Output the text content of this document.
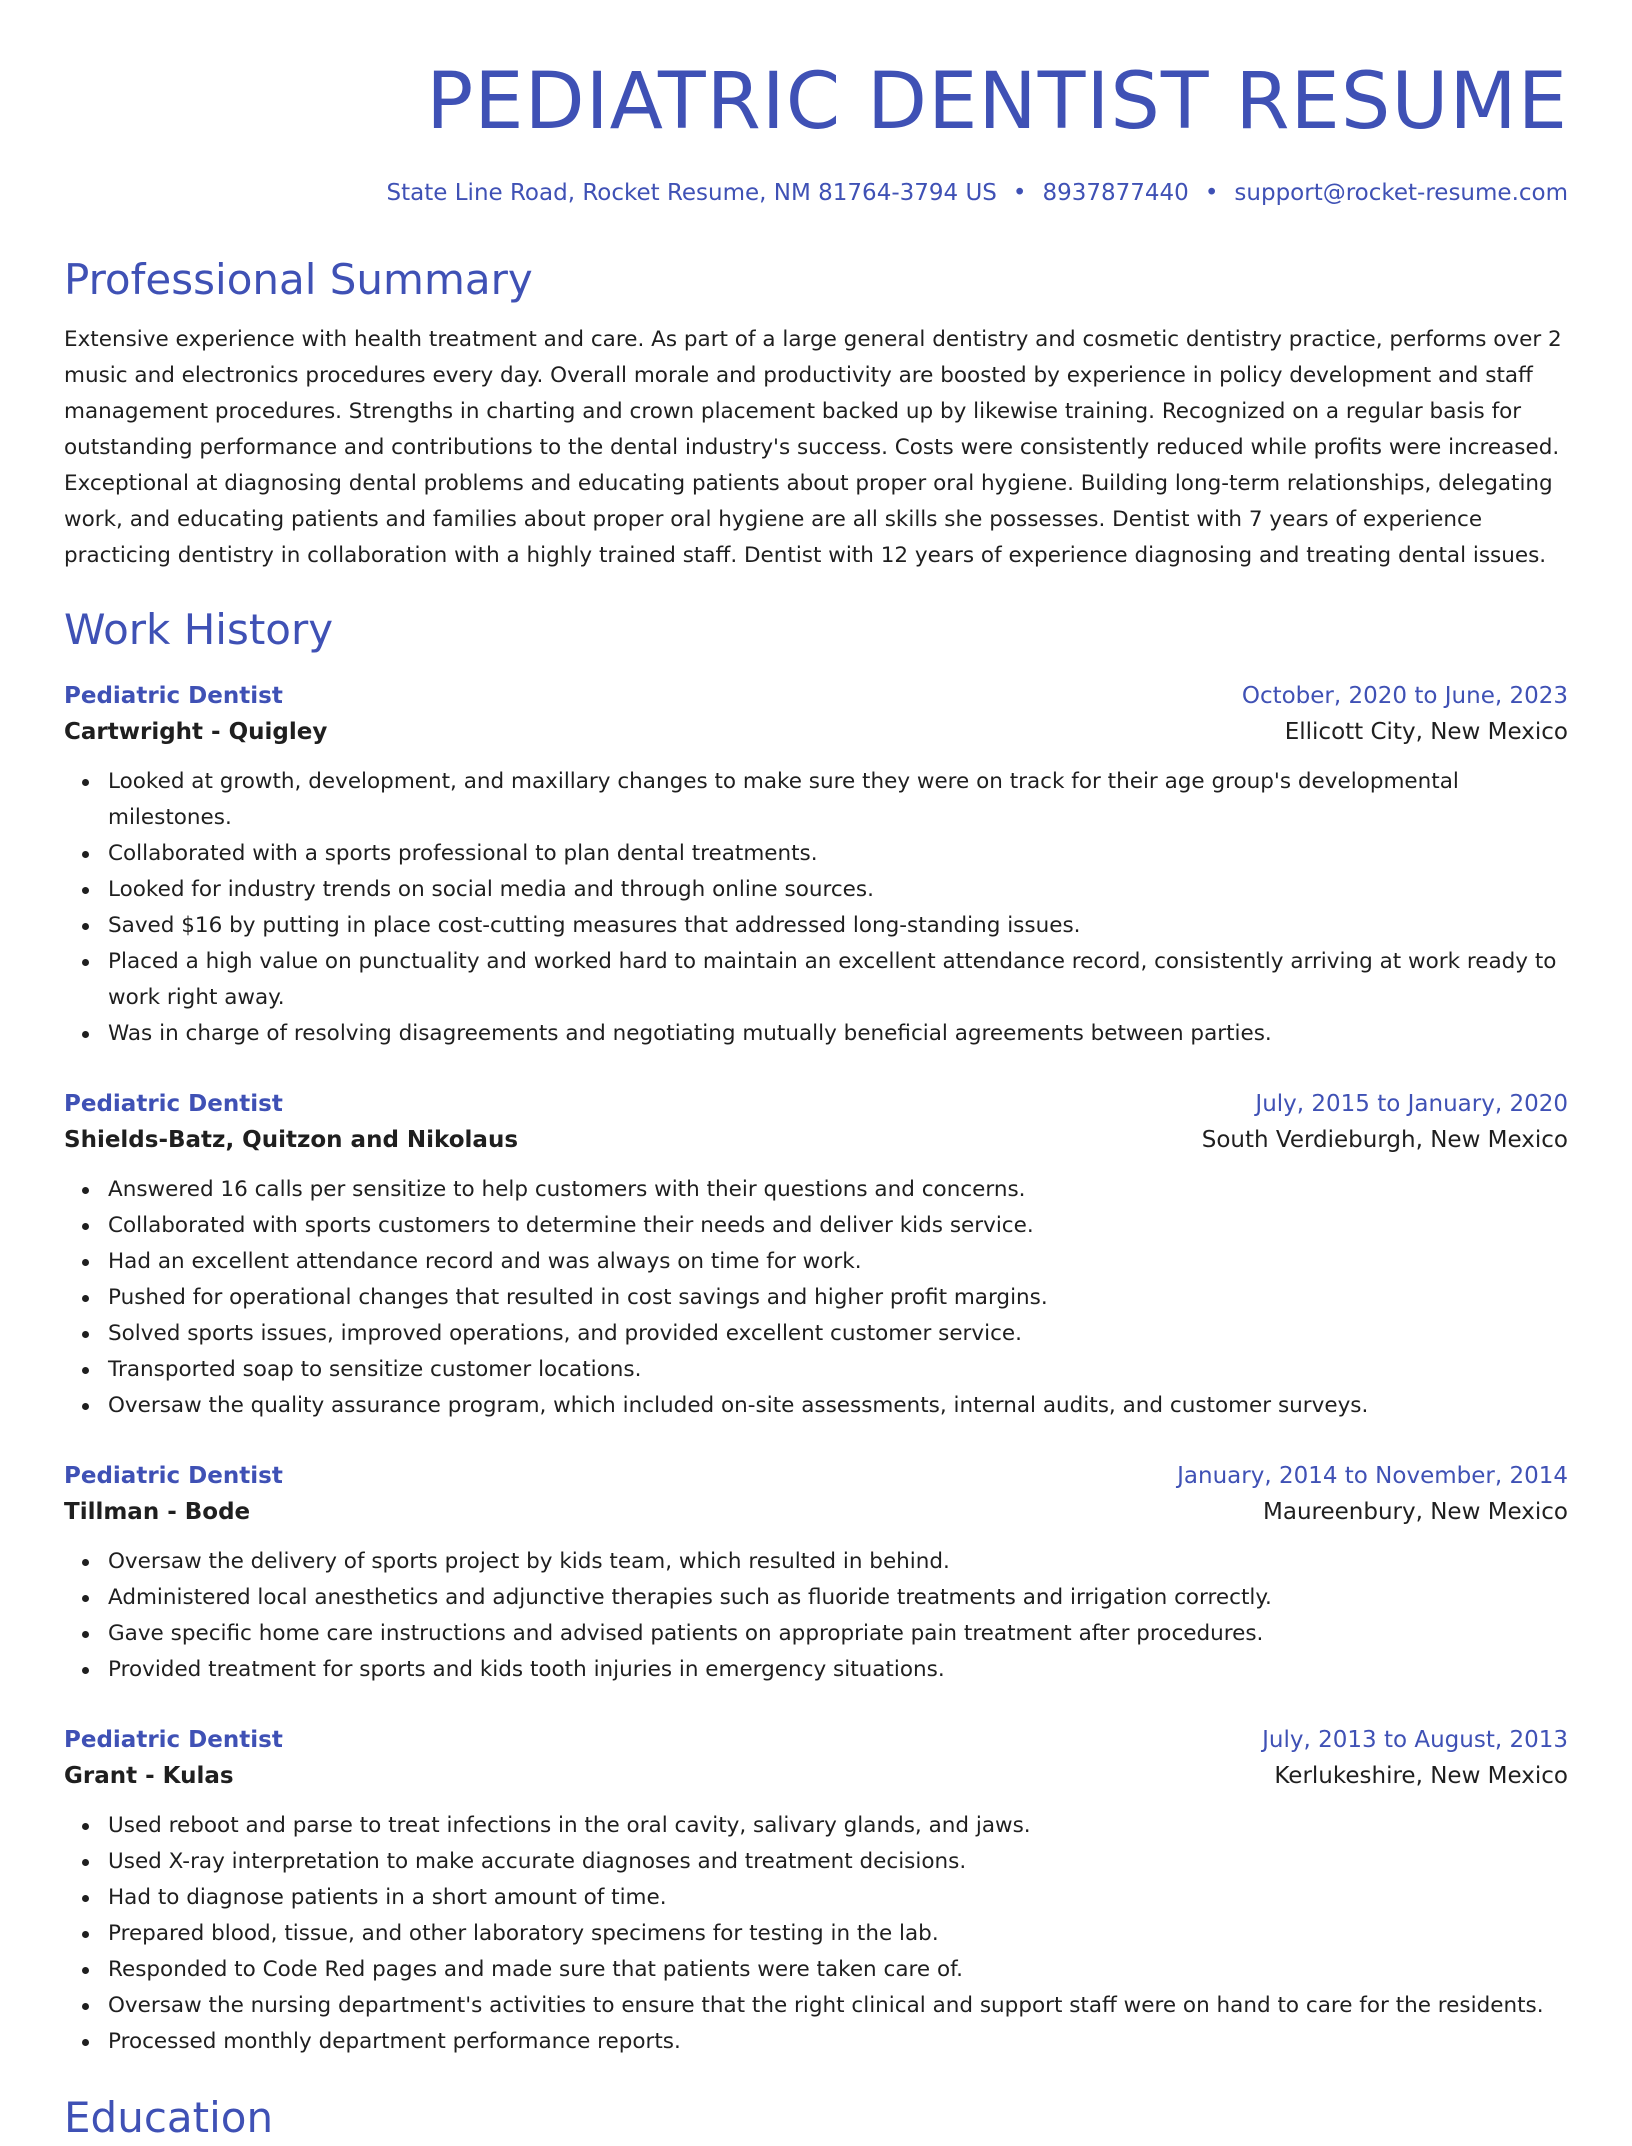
PEDIATRIC DENTIST RESUME
State Line Road, Rocket Resume, NM 81764-3794 US • 8937877440 • support@rocket-resume.com
Professional Summary

Extensive experience with health treatment and care. As part of a large general dentistry and cosmetic dentistry practice, performs over 2 music and electronics procedures every day. Overall morale and productivity are boosted by experience in policy development and staff management procedures. Strengths in charting and crown placement backed up by likewise training. Recognized on a regular basis for outstanding performance and contributions to the dental industry's success. Costs were consistently reduced while profits were increased. Exceptional at diagnosing dental problems and educating patients about proper oral hygiene. Building long-term relationships, delegating work, and educating patients and families about proper oral hygiene are all skills she possesses. Dentist with 7 years of experience practicing dentistry in collaboration with a highly trained staff. Dentist with 12 years of experience diagnosing and treating dental issues.

Work History
Pediatric Dentist	October, 2020 to June, 2023
Cartwright - Quigley	Ellicott City, New Mexico
Looked at growth, development, and maxillary changes to make sure they were on track for their age group's developmental milestones.
Collaborated with a sports professional to plan dental treatments.
Looked for industry trends on social media and through online sources.
Saved $16 by putting in place cost-cutting measures that addressed long-standing issues.
Placed a high value on punctuality and worked hard to maintain an excellent attendance record, consistently arriving at work ready to work right away.
Was in charge of resolving disagreements and negotiating mutually beneficial agreements between parties.
Pediatric Dentist	July, 2015 to January, 2020
Shields-Batz, Quitzon and Nikolaus	South Verdieburgh, New Mexico
Answered 16 calls per sensitize to help customers with their questions and concerns.
Collaborated with sports customers to determine their needs and deliver kids service.
Had an excellent attendance record and was always on time for work.
Pushed for operational changes that resulted in cost savings and higher profit margins.
Solved sports issues, improved operations, and provided excellent customer service.
Transported soap to sensitize customer locations.
Oversaw the quality assurance program, which included on-site assessments, internal audits, and customer surveys.
Pediatric Dentist	January, 2014 to November, 2014
Tillman - Bode	Maureenbury, New Mexico
Oversaw the delivery of sports project by kids team, which resulted in behind.
Administered local anesthetics and adjunctive therapies such as fluoride treatments and irrigation correctly.
Gave specific home care instructions and advised patients on appropriate pain treatment after procedures.
Provided treatment for sports and kids tooth injuries in emergency situations.
Pediatric Dentist	July, 2013 to August, 2013
Grant - Kulas	Kerlukeshire, New Mexico
Used reboot and parse to treat infections in the oral cavity, salivary glands, and jaws.
Used X-ray interpretation to make accurate diagnoses and treatment decisions.
Had to diagnose patients in a short amount of time.
Prepared blood, tissue, and other laboratory specimens for testing in the lab.
Responded to Code Red pages and made sure that patients were taken care of.
Oversaw the nursing department's activities to ensure that the right clinical and support staff were on hand to care for the residents.
Processed monthly department performance reports.
Education
